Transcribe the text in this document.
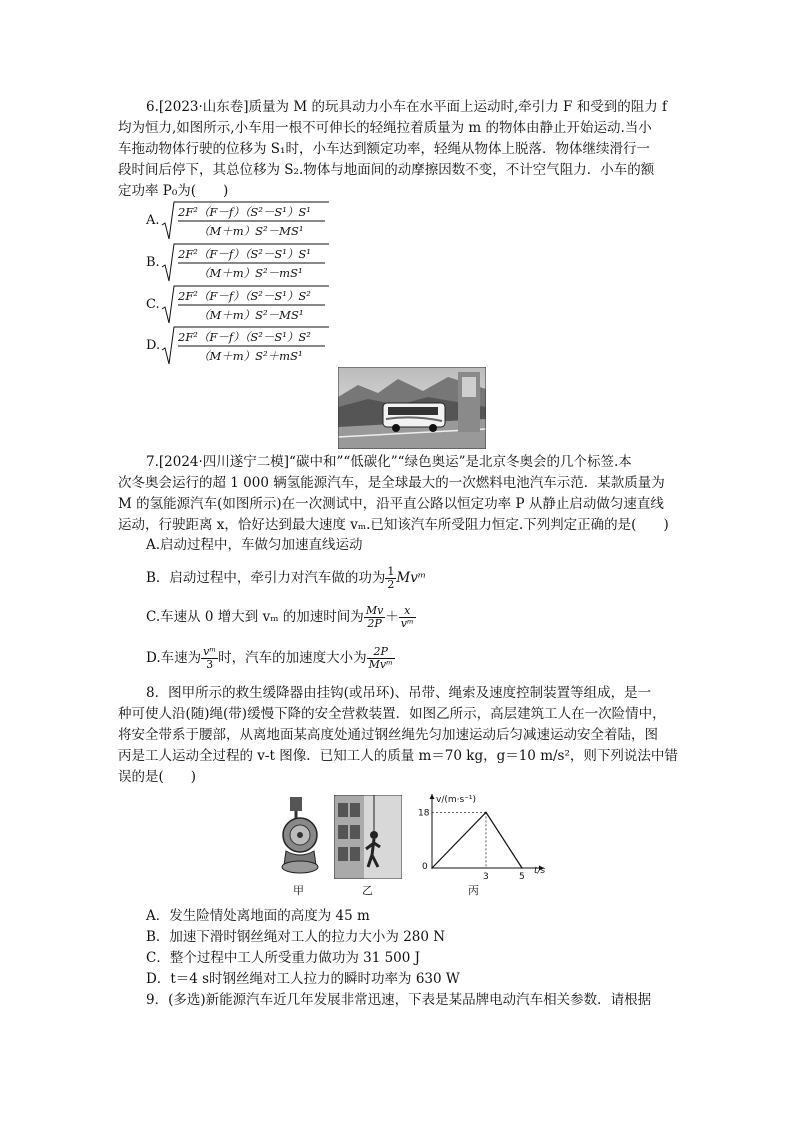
6.[2023·山东卷]质量为 M 的玩具动力小车在水平面上运动时,牵引力 F 和受到的阻力 f
均为恒力,如图所示,小车用一根不可伸长的轻绳拉着质量为 m 的物体由静止开始运动.当小
车拖动物体行驶的位移为 S₁时，小车达到额定功率，轻绳从物体上脱落．物体继续滑行一
段时间后停下，其总位移为 S₂.物体与地面间的动摩擦因数不变，不计空气阻力．小车的额
定功率 P₀为(　　)
A.
2F²（F－f）（S²－S¹）S¹
（M＋m）S²－MS¹
B.
2F²（F－f）（S²－S¹）S¹
（M＋m）S²－mS¹
C.
2F²（F－f）（S²－S¹）S²
（M＋m）S²－MS¹
D.
2F²（F－f）（S²－S¹）S²
（M＋m）S²＋mS¹
7.[2024·四川遂宁二模]“碳中和”“低碳化”“绿色奥运”是北京冬奥会的几个标签.本
次冬奥会运行的超 1 000 辆氢能源汽车，是全球最大的一次燃料电池汽车示范．某款质量为
M 的氢能源汽车(如图所示)在一次测试中，沿平直公路以恒定功率 P 从静止启动做匀速直线
运动，行驶距离 x，恰好达到最大速度 vₘ.已知该汽车所受阻力恒定.下列判定正确的是(　　)
A.启动过程中，车做匀加速直线运动
B．启动过程中，牵引力对汽车做的功为 $\frac{1}{2}$ Mvᵐ
C.车速从 0 增大到 vₘ 的加速时间为 $\frac{Mv}{2P} + \frac{x}{\text{vᵐ}}$
D.车速为 $\frac{\text{vᵐ}}{3}$ 时，汽车的加速度大小为 $\frac{2P}{\text{Mvᵐ}}$
8．图甲所示的救生缓降器由挂钩(或吊环)、吊带、绳索及速度控制装置等组成，是一
种可使人沿(随)绳(带)缓慢下降的安全营救装置．如图乙所示，高层建筑工人在一次险情中，
将安全带系于腰部，从离地面某高度处通过钢丝绳先匀加速运动后匀减速运动安全着陆，图
丙是工人运动全过程的 v-t 图像．已知工人的质量 m＝70 kg，g＝10 m/s²，则下列说法中错
误的是(　　)
甲	乙
v/(m·s⁻¹)
t/s
0
18
3	5
丙
A．发生险情处离地面的高度为 45 m
B．加速下滑时钢丝绳对工人的拉力大小为 280 N
C．整个过程中工人所受重力做功为 31 500 J
D．t＝4 s时钢丝绳对工人拉力的瞬时功率为 630 W
9．(多选)新能源汽车近几年发展非常迅速，下表是某品牌电动汽车相关参数．请根据
